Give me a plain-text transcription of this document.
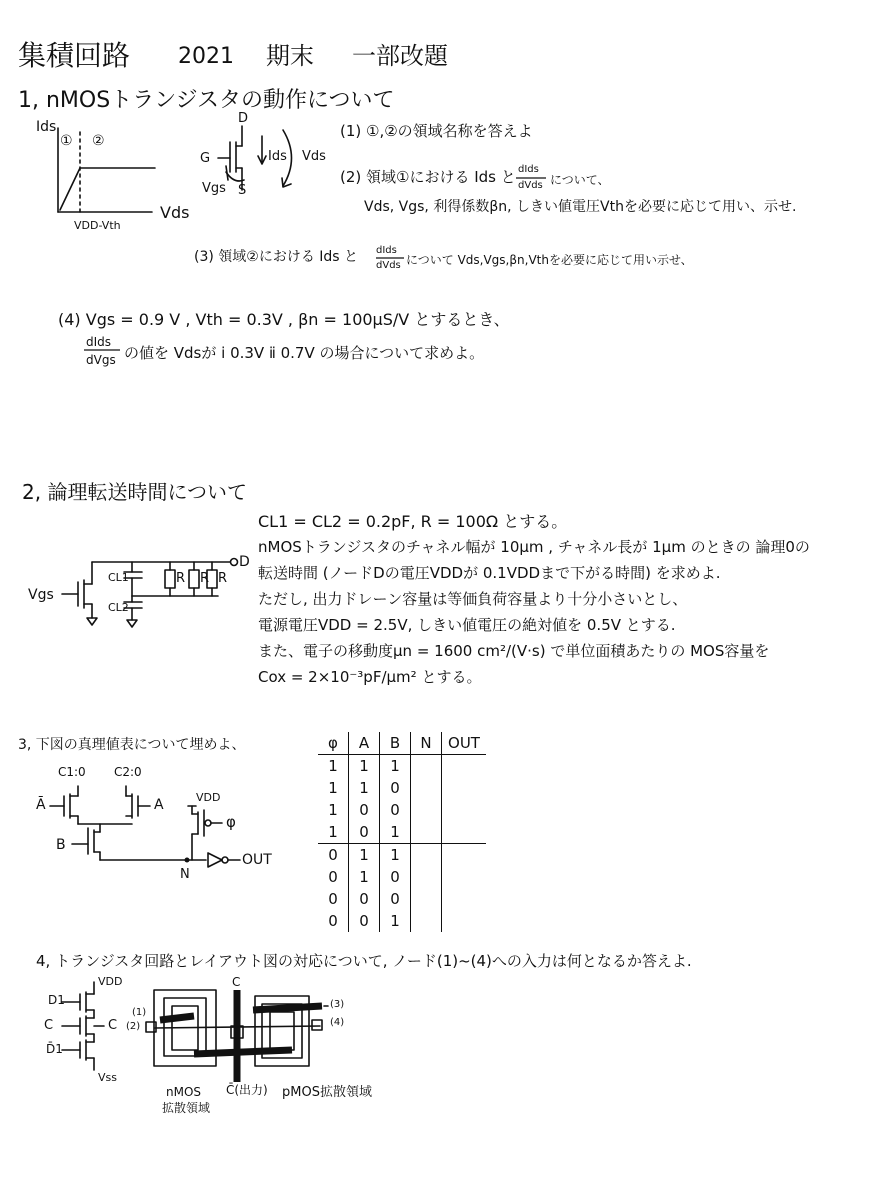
集積回路 2021 期末 一部改題
1, nMOSトランジスタの動作について
Ids
① ②
Vds
VDD-Vth
D
G
S
Ids Vds
Vgs
(1) ①,②の領域名称を答えよ
(2) 領域①における Ids と dIds
dVds について、
Vds, Vgs, 利得係数βn, しきい値電圧Vthを必要に応じて用い、示せ.
(3) 領域②における Ids と dIds
dVds について Vds,Vgs,βn,Vthを必要に応じて用い示せ、
(4) Vgs = 0.9 V , Vth = 0.3V , βn = 100μS/V とするとき、
dIds
dVgs の値を Vdsが ⅰ 0.3V ⅱ 0.7V の場合について求めよ。
2, 論理転送時間について
Vgs
CL1
CL2
R R R
D
CL1 = CL2 = 0.2pF, R = 100Ω とする。
nMOSトランジスタのチャネル幅が 10μm , チャネル長が 1μm のときの 論理0の
転送時間 (ノードDの電圧VDDが 0.1VDDまで下がる時間) を求めよ.
ただし, 出力ドレーン容量は等価負荷容量より十分小さいとし、
電源電圧VDD = 2.5V, しきい値電圧の絶対値を 0.5V とする.
また、電子の移動度μn = 1600 cm²/(V·s) で単位面積あたりの MOS容量を
Cox = 2×10⁻³pF/μm² とする。
3, 下図の真理値表について埋めよ、
C1:0 C2:0
Ā	A
B
VDD
φ
N
OUT
φ	A	B	N	OUT
1	1	1		
1	1	0		
1	0	0		
1	0	1		
0	1	1		
0	1	0		
0	0	0		
0	0	1		
4, トランジスタ回路とレイアウト図の対応について, ノード(1)~(4)への入力は何となるか答えよ.
D1
VDD
C	C
D̄1
Vss
(1)
(2)
(3)
(4)
C
C̄(出力)
nMOS
拡散領域
pMOS拡散領域
